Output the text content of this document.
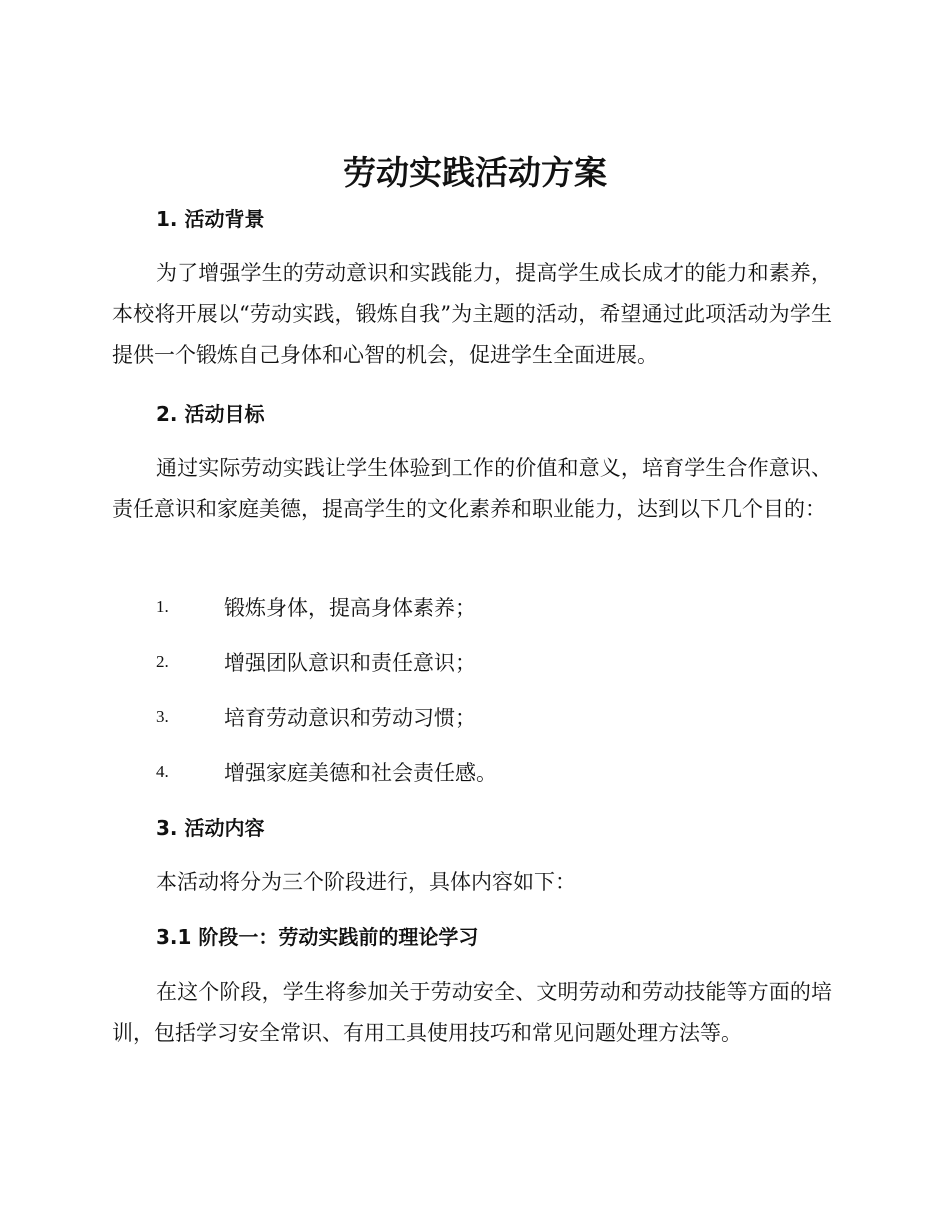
劳动实践活动方案
1. 活动背景

为了增强学生的劳动意识和实践能力，提高学生成长成才的能力和素养，本校将开展以“劳动实践，锻炼自我”为主题的活动，希望通过此项活动为学生提供一个锻炼自己身体和心智的机会，促进学生全面进展。

2. 活动目标

通过实际劳动实践让学生体验到工作的价值和意义，培育学生合作意识、责任意识和家庭美德，提高学生的文化素养和职业能力，达到以下几个目的：

1.	锻炼身体，提高身体素养；
2.	增强团队意识和责任意识；
3.	培育劳动意识和劳动习惯；
4.	增强家庭美德和社会责任感。
3. 活动内容

本活动将分为三个阶段进行，具体内容如下：

3.1 阶段一：劳动实践前的理论学习

在这个阶段，学生将参加关于劳动安全、文明劳动和劳动技能等方面的培训，包括学习安全常识、有用工具使用技巧和常见问题处理方法等。
